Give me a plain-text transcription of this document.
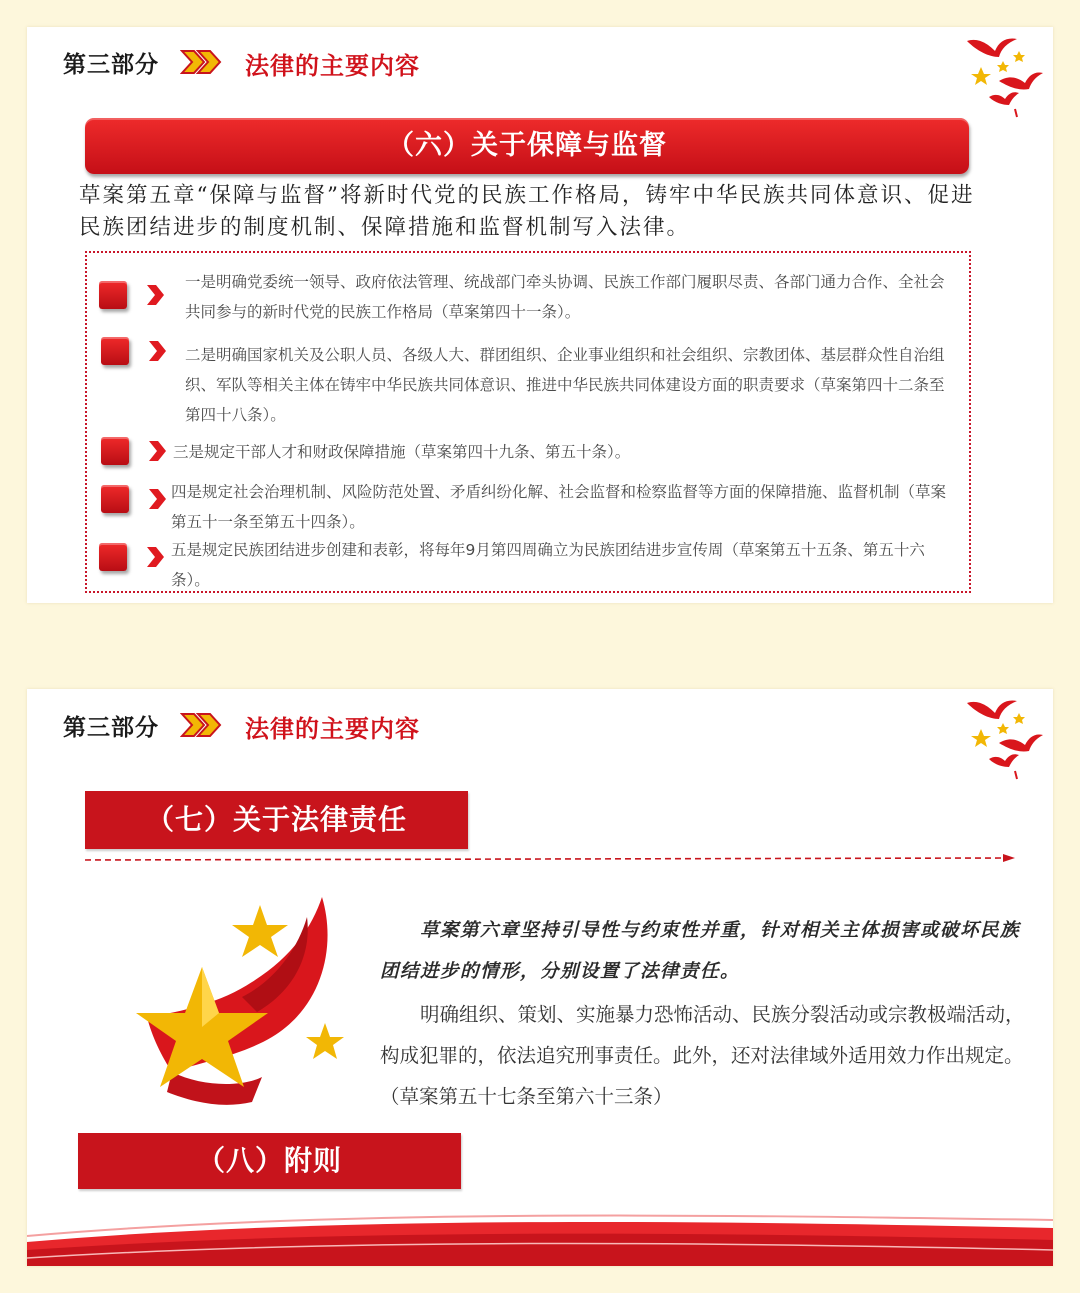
第三部分	法律的主要内容
（六）关于保障与监督

草案第五章“保障与监督”将新时代党的民族工作格局，铸牢中华民族共同体意识、促进民族团结进步的制度机制、保障措施和监督机制写入法律。

一是明确党委统一领导、政府依法管理、统战部门牵头协调、民族工作部门履职尽责、各部门通力合作、全社会共同参与的新时代党的民族工作格局（草案第四十一条）。

二是明确国家机关及公职人员、各级人大、群团组织、企业事业组织和社会组织、宗教团体、基层群众性自治组织、军队等相关主体在铸牢中华民族共同体意识、推进中华民族共同体建设方面的职责要求（草案第四十二条至第四十八条）。

三是规定干部人才和财政保障措施（草案第四十九条、第五十条）。

四是规定社会治理机制、风险防范处置、矛盾纠纷化解、社会监督和检察监督等方面的保障措施、监督机制（草案第五十一条至第五十四条）。

五是规定民族团结进步创建和表彰，将每年9月第四周确立为民族团结进步宣传周（草案第五十五条、第五十六条）。

第三部分	法律的主要内容
（七）关于法律责任

草案第六章坚持引导性与约束性并重，针对相关主体损害或破坏民族团结进步的情形，分别设置了法律责任。

明确组织、策划、实施暴力恐怖活动、民族分裂活动或宗教极端活动，构成犯罪的，依法追究刑事责任。此外，还对法律域外适用效力作出规定。（草案第五十七条至第六十三条）

（八）附则
